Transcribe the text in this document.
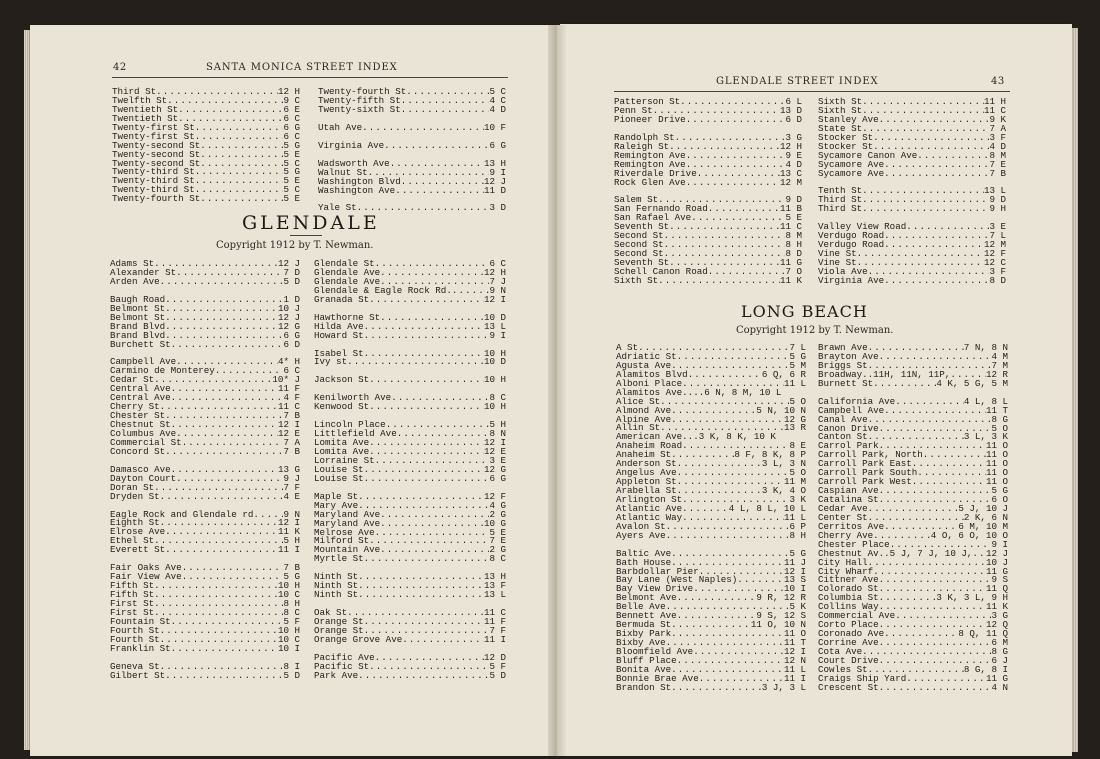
42	SANTA MONICA STREET INDEX
GLENDALE STREET INDEX	43
Third St .....	12 H
Twelfth St .....	9 C
Twentieth St .....	6 E
Twentieth St .....	6 C
Twenty-first St .....	6 G
Twenty-first St .....	6 C
Twenty-second St .....	5 G
Twenty-second St .....	5 E
Twenty-second St .....	5 C
Twenty-third St .....	5 G
Twenty-third St .....	5 E
Twenty-third St .....	5 C
Twenty-fourth St .....	5 E
Twenty-fourth St .....	5 C
Twenty-fifth St .....	4 C
Twenty-sixth St .....	4 D
Utah Ave .....	10 F
Virginia Ave .....	6 G
Wadsworth Ave .....	13 H
Walnut St .....	9 I
Washington Blvd .....	12 J
Washington Ave .....	11 D
Yale St .....	3 D
GLENDALE
Copyright 1912 by T. Newman.
Adams St .....	12 J
Alexander St .....	7 D
Arden Ave .....	5 D
Baugh Road .....	1 D
Belmont St .....	10 J
Belmont St .....	12 J
Brand Blvd .....	12 G
Brand Blvd .....	6 G
Burchett St .....	6 D
Campbell Ave .....	4* H
Carmino de Monterey .....	6 C
Cedar St .....	10* J
Central Ave .....	11 F
Central Ave .....	4 F
Cherry St .....	11 C
Chester St .....	7 B
Chestnut St .....	12 I
Columbus Ave .....	12 E
Commercial St .....	7 A
Concord St .....	7 B
Damasco Ave .....	13 G
Dayton Court .....	9 J
Doran St .....	7 F
Dryden St .....	4 E
Eagle Rock and Glendale rd .....	9 N
Eighth St .....	12 I
Elrose Ave .....	11 K
Ethel St .....	5 H
Everett St .....	11 I
Fair Oaks Ave .....	7 B
Fair View Ave .....	5 G
Fifth St .....	10 H
Fifth St .....	10 C
First St .....	8 H
First St .....	8 C
Fountain St .....	5 F
Fourth St .....	10 H
Fourth St .....	10 C
Franklin St .....	10 I
Geneva St .....	8 I
Gilbert St .....	5 D
Glendale St .....	6 C
Glendale Ave .....	12 H
Glendale Ave .....	7 J
Glendale & Eagle Rock Rd. .....	9 N
Granada St .....	12 I
Hawthorne St .....	10 D
Hilda Ave .....	13 L
Howard St .....	9 I
Isabel St .....	10 H
Ivy st .....	10 D
Jackson St .....	10 H
Kenilworth Ave .....	8 C
Kenwood St .....	10 H
Lincoln Place .....	5 H
Littlefield Ave .....	8 N
Lomita Ave .....	12 I
Lomita Ave .....	12 E
Lorraine St .....	3 E
Louise St .....	12 G
Louise St .....	6 G
Maple St .....	12 F
Mary Ave .....	4 G
Maryland Ave .....	2 G
Maryland Ave .....	10 G
Melrose Ave .....	5 E
Milford St .....	7 E
Mountain Ave .....	2 G
Myrtle St .....	8 C
Ninth St .....	13 H
Ninth St .....	13 F
Ninth St .....	13 L
Oak St .....	11 C
Orange St .....	11 F
Orange St .....	7 F
Orange Grove Ave .....	11 I
Pacific Ave .....	12 D
Pacific St .....	5 F
Park Ave .....	5 D
Patterson St .....	6 L
Penn St .....	13 D
Pioneer Drive .....	6 D
Randolph St .....	3 G
Raleigh St .....	12 H
Remington Ave .....	9 E
Remington Ave .....	4 D
Riverdale Drive .....	13 C
Rock Glen Ave .....	12 M
Salem St .....	9 D
San Fernando Road .....	11 B
San Rafael Ave .....	5 E
Seventh St .....	11 C
Second St .....	8 M
Second St .....	8 H
Second St .....	8 D
Seventh St .....	11 G
Schell Canon Road .....	7 O
Sixth St .....	11 K
Sixth St .....	11 H
Sixth St .....	11 C
Stanley Ave .....	9 K
State St .....	7 A
Stocker St .....	3 F
Stocker St .....	4 D
Sycamore Canon Ave .....	8 M
Sycamore Ave .....	7 E
Sycamore Ave .....	7 B
Tenth St .....	13 L
Third St .....	9 D
Third St .....	9 H
Valley View Road .....	3 E
Verdugo Road .....	7 L
Verdugo Road .....	12 M
Vine St .....	12 F
Vine St .....	12 C
Viola Ave .....	3 F
Virginia Ave .....	8 D
LONG BEACH
Copyright 1912 by T. Newman.
A St .....	7 L
Adriatic St .....	5 G
Agusta Ave .....	5 M
Alamitos Blvd .....	6 Q, 6 R
Alboni Place .....	11 L
Alamitos Ave....6 N, 8 M, 10 L
Alice St .....	5 O
Almond Ave .....	5 N, 10 N
Alpine Ave .....	12 G
Allin St .....	13 R
American Ave...3 K, 8 K, 10 K
Anaheim Road .....	8 E
Anaheim St .....	8 F, 8 K, 8 P
Anderson St .....	3 L, 3 N
Angelus Ave .....	5 O
Appleton St .....	11 M
Arabella St .....	3 K, 4 O
Arlington St .....	3 K
Atlantic Ave .....	4 L, 8 L, 10 L
Atlantic Way .....	11 L
Avalon St .....	6 P
Ayers Ave .....	8 H
Baltic Ave .....	5 G
Bath House .....	11 J
Barbdollar Pier .....	12 I
Bay Lane (West Naples) .....	13 S
Bay View Drive .....	10 I
Belmont Ave .....	9 R, 12 R
Belle Ave .....	5 K
Bennett Ave .....	9 S, 12 S
Bermuda St .....	11 O, 10 N
Bixby Park .....	11 O
Bixby Ave .....	11 T
Bloomfield Ave .....	12 I
Bluff Place .....	12 N
Bonita Ave .....	11 L
Bonnie Brae Ave .....	11 I
Brandon St .....	3 J, 3 L
Brawn Ave .....	7 N, 8 N
Brayton Ave .....	4 M
Briggs St .....	7 M
Broadway..11H, 11N, 11P, .....	12 R
Burnett St .....	4 K, 5 G, 5 M
California Ave .....	4 L, 8 L
Campbell Ave .....	11 T
Canal Ave .....	8 G
Canon Drive .....	5 O
Canton St .....	3 L, 3 K
Carrol Park .....	11 O
Carroll Park, North .....	11 O
Carroll Park East .....	11 O
Carroll Park South .....	11 O
Carroll Park West .....	11 O
Caspian Ave .....	5 G
Catalina St .....	6 O
Cedar Ave .....	5 J, 10 J
Center St .....	2 K, 6 N
Cerritos Ave .....	6 M, 10 M
Cherry Ave .....	4 O, 6 O, 10 O
Chester Place .....	9 I
Chestnut Av..5 J, 7 J, 10 J, ..... 12 J
City Hall .....	10 J
City Wharf .....	11 G
Cittner Ave .....	9 S
Colorado St .....	11 Q
Columbia St .....	3 K, 3 L, 9 H
Collins Way .....	11 K
Commercial Ave .....	3 G
Corto Place .....	12 Q
Coronado Ave .....	8 Q, 11 Q
Corrine Ave .....	6 M
Cota Ave .....	8 G
Court Drive .....	6 J
Cowles St .....	8 G, 8 I
Craigs Ship Yard .....	11 G
Crescent St .....	4 N
